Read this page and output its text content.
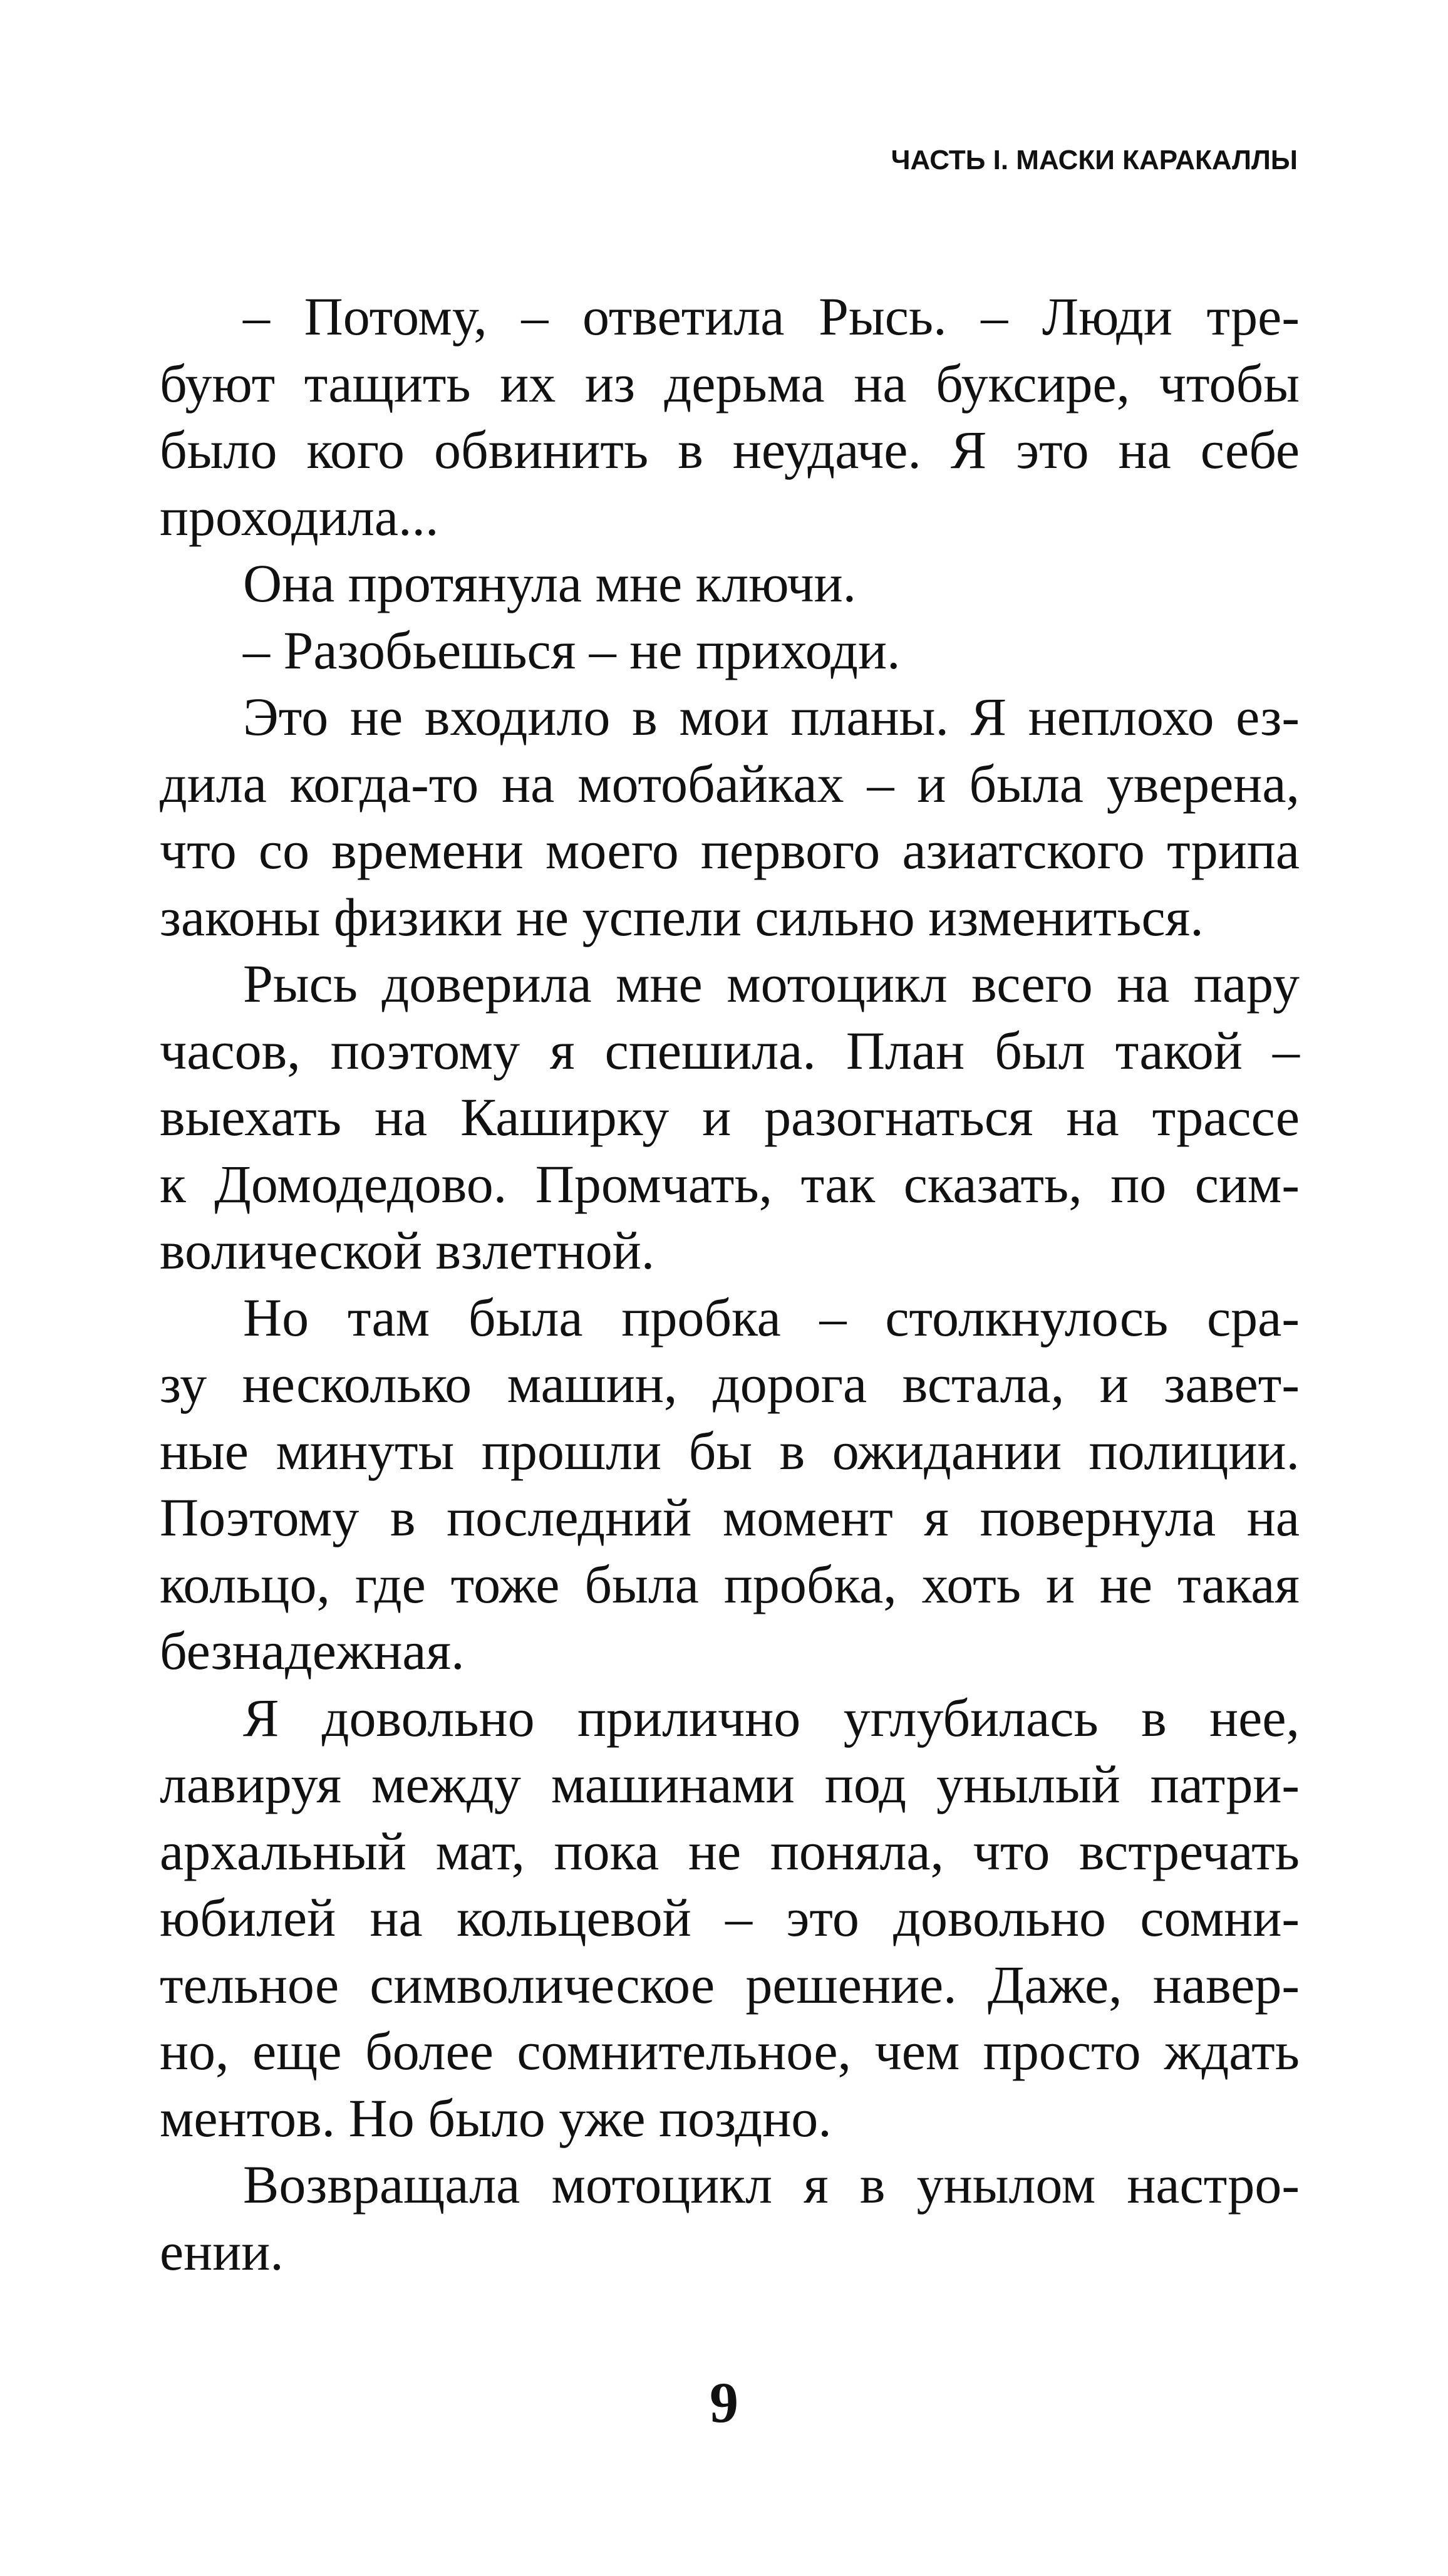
ЧАСТЬ I. МАСКИ КАРАКАЛЛЫ

– Потому, – ответила Рысь. – Люди тре-
буют тащить их из дерьма на буксире, чтобы
было кого обвинить в неудаче. Я это на себе
проходила...

Она протянула мне ключи.

– Разобьешься – не приходи.

Это не входило в мои планы. Я неплохо ез-
дила когда-то на мотобайках – и была уверена,
что со времени моего первого азиатского трипа
законы физики не успели сильно измениться.

Рысь доверила мне мотоцикл всего на пару
часов, поэтому я спешила. План был такой –
выехать на Каширку и разогнаться на трассе
к Домодедово. Промчать, так сказать, по сим-
волической взлетной.

Но там была пробка – столкнулось сра-
зу несколько машин, дорога встала, и завет-
ные минуты прошли бы в ожидании полиции.
Поэтому в последний момент я повернула на
кольцо, где тоже была пробка, хоть и не такая
безнадежная.

Я довольно прилично углубилась в нее,
лавируя между машинами под унылый патри-
архальный мат, пока не поняла, что встречать
юбилей на кольцевой – это довольно сомни-
тельное символическое решение. Даже, навер-
но, еще более сомнительное, чем просто ждать
ментов. Но было уже поздно.

Возвращала мотоцикл я в унылом настро-
ении.

9
